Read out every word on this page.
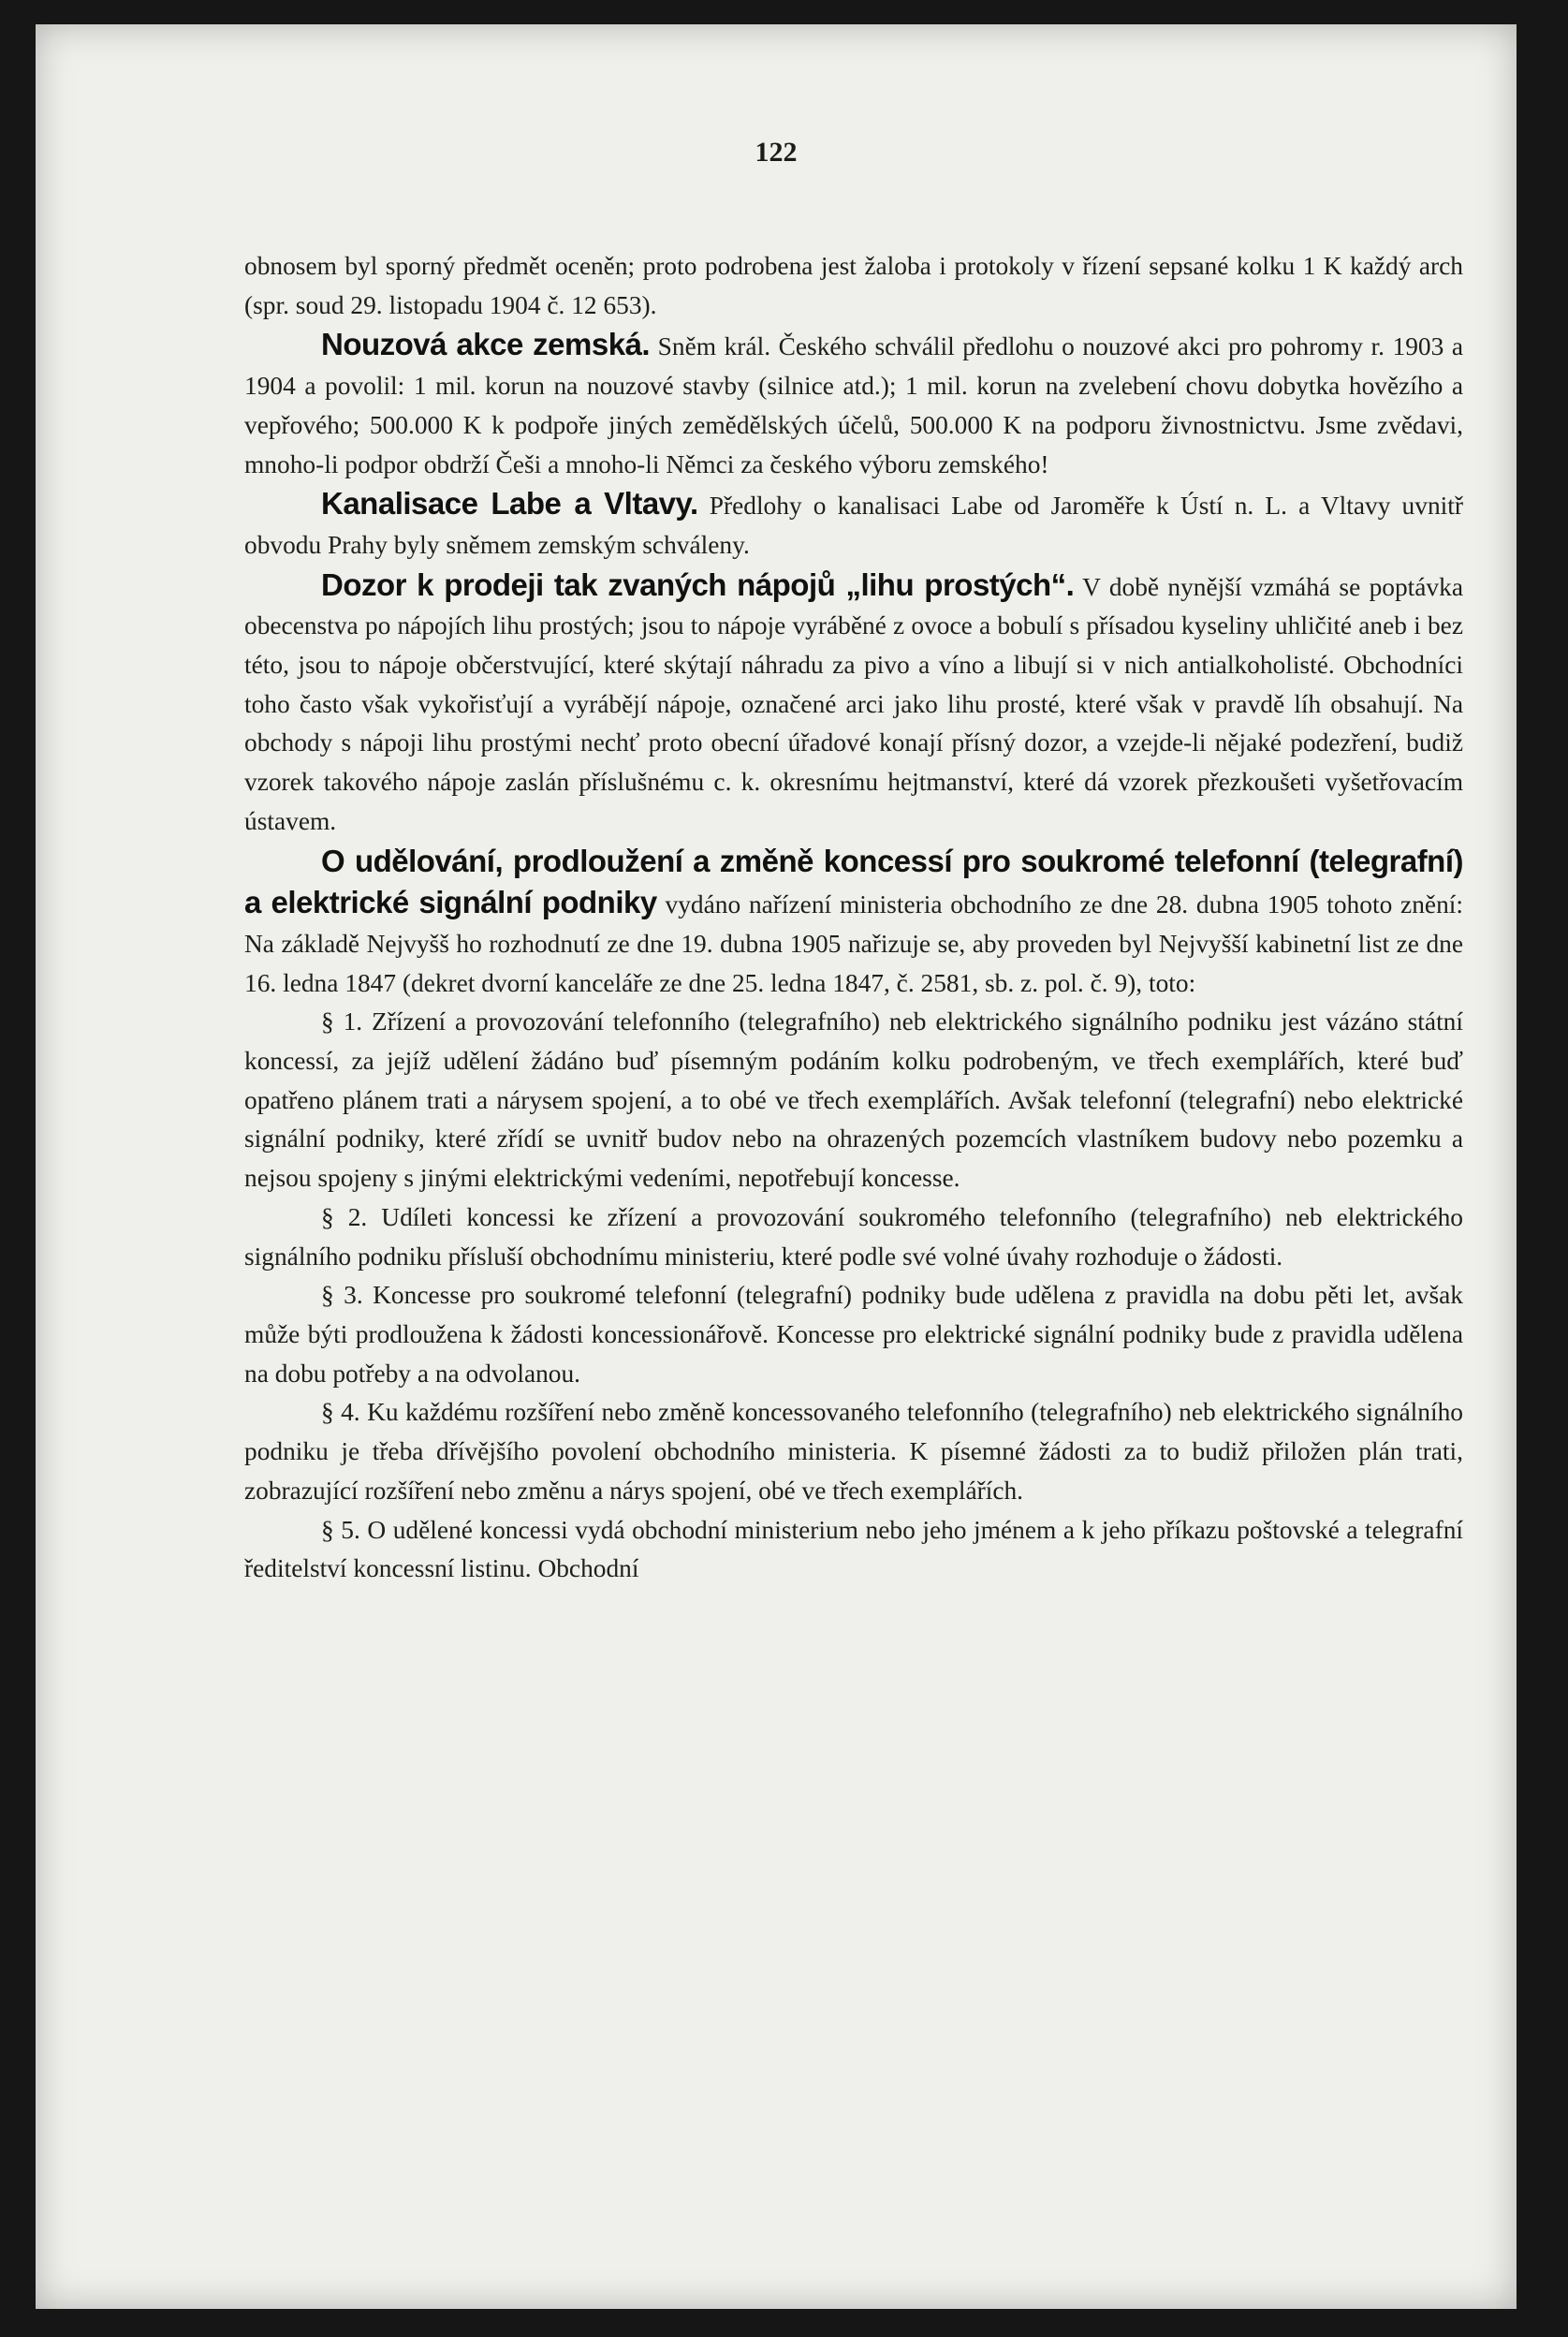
122

obnosem byl sporný předmět oceněn; proto podrobena jest žaloba i protokoly v řízení sepsané kolku 1 K každý arch (spr. soud 29. listopadu 1904 č. 12 653).

Nouzová akce zemská. Sněm král. Českého schválil předlohu o nouzové akci pro pohromy r. 1903 a 1904 a povolil: 1 mil. korun na nouzové stavby (silnice atd.); 1 mil. korun na zvelebení chovu dobytka hovězího a vepřového; 500.000 K k podpoře jiných zemědělských účelů, 500.000 K na podporu živnostnictvu. Jsme zvědavi, mnoho-li podpor obdrží Češi a mnoho-li Němci za českého výboru zemského!

Kanalisace Labe a Vltavy. Předlohy o kanalisaci Labe od Jaroměře k Ústí n. L. a Vltavy uvnitř obvodu Prahy byly sněmem zemským schváleny.

Dozor k prodeji tak zvaných nápojů „lihu prostých“. V době nynější vzmáhá se poptávka obecenstva po nápojích lihu prostých; jsou to nápoje vyráběné z ovoce a bobulí s přísadou kyseliny uhličité aneb i bez této, jsou to nápoje občerstvující, které skýtají náhradu za pivo a víno a libují si v nich antialkoholisté. Obchodníci toho často však vykořisťují a vyrábějí nápoje, označené arci jako lihu prosté, které však v pravdě líh obsahují. Na obchody s nápoji lihu prostými nechť proto obecní úřadové konají přísný dozor, a vzejde-li nějaké podezření, budiž vzorek takového nápoje zaslán příslušnému c. k. okresnímu hejtmanství, které dá vzorek přezkoušeti vyšetřovacím ústavem.

O udělování, prodloužení a změně koncessí pro soukromé telefonní (telegrafní) a elektrické signální podniky vydáno nařízení ministeria obchodního ze dne 28. dubna 1905 tohoto znění: Na základě Nejvyšš ho rozhodnutí ze dne 19. dubna 1905 nařizuje se, aby proveden byl Nejvyšší kabinetní list ze dne 16. ledna 1847 (dekret dvorní kanceláře ze dne 25. ledna 1847, č. 2581, sb. z. pol. č. 9), toto:

§ 1. Zřízení a provozování telefonního (telegrafního) neb elektrického signálního podniku jest vázáno státní koncessí, za jejíž udělení žádáno buď písemným podáním kolku podrobeným, ve třech exemplářích, které buď opatřeno plánem trati a nárysem spojení, a to obé ve třech exemplářích. Avšak telefonní (telegrafní) nebo elektrické signální podniky, které zřídí se uvnitř budov nebo na ohrazených pozemcích vlastníkem budovy nebo pozemku a nejsou spojeny s jinými elektrickými vedeními, nepotřebují koncesse.

§ 2. Udíleti koncessi ke zřízení a provozování soukromého telefonního (telegrafního) neb elektrického signálního podniku přísluší obchodnímu ministeriu, které podle své volné úvahy rozhoduje o žádosti.

§ 3. Koncesse pro soukromé telefonní (telegrafní) podniky bude udělena z pravidla na dobu pěti let, avšak může býti prodloužena k žádosti koncessionářově. Koncesse pro elektrické signální podniky bude z pravidla udělena na dobu potřeby a na odvolanou.

§ 4. Ku každému rozšíření nebo změně koncessovaného telefonního (telegrafního) neb elektrického signálního podniku je třeba dřívějšího povolení obchodního ministeria. K písemné žádosti za to budiž přiložen plán trati, zobrazující rozšíření nebo změnu a nárys spojení, obé ve třech exemplářích.

§ 5. O udělené koncessi vydá obchodní ministerium nebo jeho jménem a k jeho příkazu poštovské a telegrafní ředitelství koncessní listinu. Obchodní
